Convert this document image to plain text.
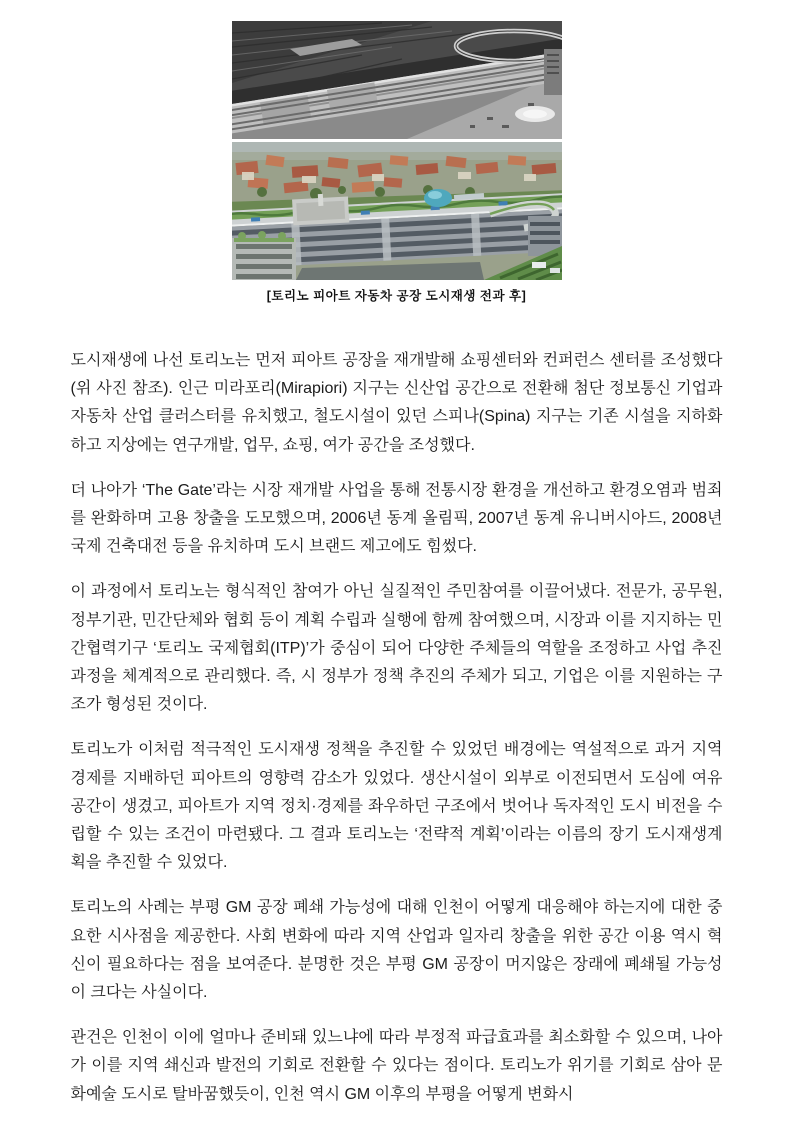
[토리노 피아트 자동차 공장 도시재생 전과 후]

도시재생에 나선 토리노는 먼저 피아트 공장을 재개발해 쇼핑센터와 컨퍼런스 센터를 조성했다(위 사진 참조). 인근 미라포리(Mirapiori) 지구는 신산업 공간으로 전환해 첨단 정보통신 기업과 자동차 산업 클러스터를 유치했고, 철도시설이 있던 스피나(Spina) 지구는 기존 시설을 지하화하고 지상에는 연구개발, 업무, 쇼핑, 여가 공간을 조성했다.

더 나아가 ‘The Gate’라는 시장 재개발 사업을 통해 전통시장 환경을 개선하고 환경오염과 범죄를 완화하며 고용 창출을 도모했으며, 2006년 동계 올림픽, 2007년 동계 유니버시아드, 2008년 국제 건축대전 등을 유치하며 도시 브랜드 제고에도 힘썼다.

이 과정에서 토리노는 형식적인 참여가 아닌 실질적인 주민참여를 이끌어냈다. 전문가, 공무원, 정부기관, 민간단체와 협회 등이 계획 수립과 실행에 함께 참여했으며, 시장과 이를 지지하는 민간협력기구 ‘토리노 국제협회(ITP)’가 중심이 되어 다양한 주체들의 역할을 조정하고 사업 추진 과정을 체계적으로 관리했다. 즉, 시 정부가 정책 추진의 주체가 되고, 기업은 이를 지원하는 구조가 형성된 것이다.

토리노가 이처럼 적극적인 도시재생 정책을 추진할 수 있었던 배경에는 역설적으로 과거 지역 경제를 지배하던 피아트의 영향력 감소가 있었다. 생산시설이 외부로 이전되면서 도심에 여유 공간이 생겼고, 피아트가 지역 정치·경제를 좌우하던 구조에서 벗어나 독자적인 도시 비전을 수립할 수 있는 조건이 마련됐다. 그 결과 토리노는 ‘전략적 계획’이라는 이름의 장기 도시재생계획을 추진할 수 있었다.

토리노의 사례는 부평 GM 공장 폐쇄 가능성에 대해 인천이 어떻게 대응해야 하는지에 대한 중요한 시사점을 제공한다. 사회 변화에 따라 지역 산업과 일자리 창출을 위한 공간 이용 역시 혁신이 필요하다는 점을 보여준다. 분명한 것은 부평 GM 공장이 머지않은 장래에 폐쇄될 가능성이 크다는 사실이다.

관건은 인천이 이에 얼마나 준비돼 있느냐에 따라 부정적 파급효과를 최소화할 수 있으며, 나아가 이를 지역 쇄신과 발전의 기회로 전환할 수 있다는 점이다. 토리노가 위기를 기회로 삼아 문화예술 도시로 탈바꿈했듯이, 인천 역시 GM 이후의 부평을 어떻게 변화시
